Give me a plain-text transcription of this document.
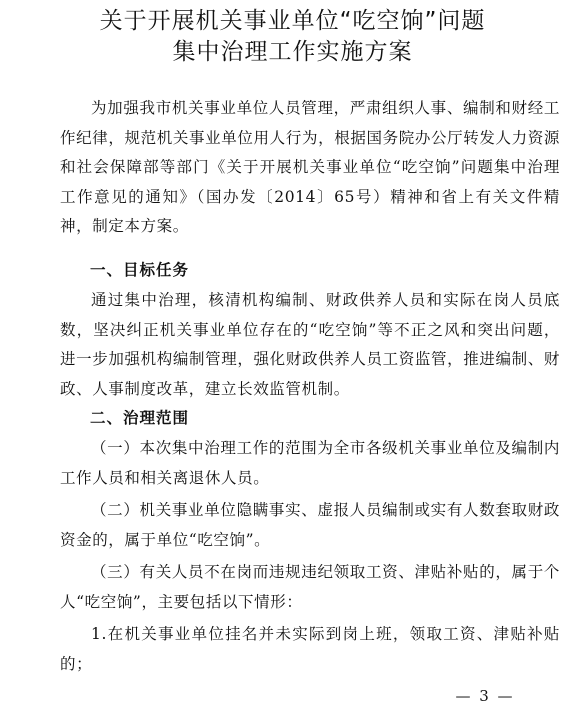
关于开展机关事业单位“吃空饷”问题
集中治理工作实施方案

为加强我市机关事业单位人员管理，严肃组织人事、编制和财经工作纪律，规范机关事业单位用人行为，根据国务院办公厅转发人力资源和社会保障部等部门《关于开展机关事业单位“吃空饷”问题集中治理工作意见的通知》（国办发〔2014〕65号）精神和省上有关文件精神，制定本方案。

一、目标任务

通过集中治理，核清机构编制、财政供养人员和实际在岗人员底数，坚决纠正机关事业单位存在的“吃空饷”等不正之风和突出问题，进一步加强机构编制管理，强化财政供养人员工资监管，推进编制、财政、人事制度改革，建立长效监管机制。

二、治理范围

（一）本次集中治理工作的范围为全市各级机关事业单位及编制内工作人员和相关离退休人员。

（二）机关事业单位隐瞒事实、虚报人员编制或实有人数套取财政资金的，属于单位“吃空饷”。

（三）有关人员不在岗而违规违纪领取工资、津贴补贴的，属于个人“吃空饷”，主要包括以下情形：

1.在机关事业单位挂名并未实际到岗上班，领取工资、津贴补贴的；

— 3 —
